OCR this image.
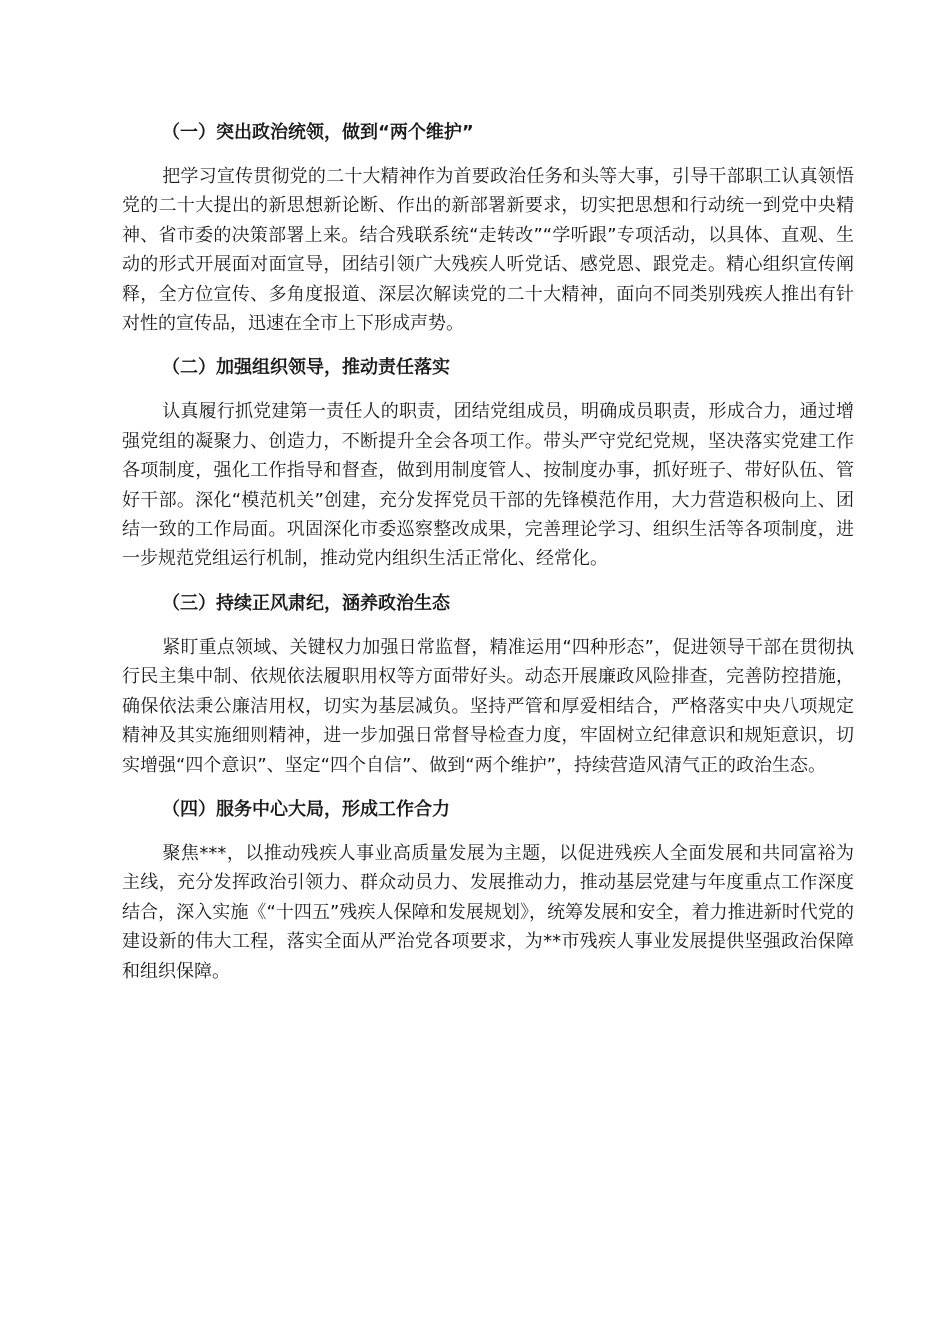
（一）突出政治统领，做到“两个维护”
把学习宣传贯彻党的二十大精神作为首要政治任务和头等大事，引导干部职工认真领悟党的二十大提出的新思想新论断、作出的新部署新要求，切实把思想和行动统一到党中央精神、省市委的决策部署上来。结合残联系统“走转改”“学听跟”专项活动，以具体、直观、生动的形式开展面对面宣导，团结引领广大残疾人听党话、感党恩、跟党走。精心组织宣传阐释，全方位宣传、多角度报道、深层次解读党的二十大精神，面向不同类别残疾人推出有针对性的宣传品，迅速在全市上下形成声势。
（二）加强组织领导，推动责任落实
认真履行抓党建第一责任人的职责，团结党组成员，明确成员职责，形成合力，通过增强党组的凝聚力、创造力，不断提升全会各项工作。带头严守党纪党规，坚决落实党建工作各项制度，强化工作指导和督查，做到用制度管人、按制度办事，抓好班子、带好队伍、管好干部。深化“模范机关”创建，充分发挥党员干部的先锋模范作用，大力营造积极向上、团结一致的工作局面。巩固深化市委巡察整改成果，完善理论学习、组织生活等各项制度，进一步规范党组运行机制，推动党内组织生活正常化、经常化。
（三）持续正风肃纪，涵养政治生态
紧盯重点领域、关键权力加强日常监督，精准运用“四种形态”，促进领导干部在贯彻执行民主集中制、依规依法履职用权等方面带好头。动态开展廉政风险排查，完善防控措施，确保依法秉公廉洁用权，切实为基层减负。坚持严管和厚爱相结合，严格落实中央八项规定精神及其实施细则精神，进一步加强日常督导检查力度，牢固树立纪律意识和规矩意识，切实增强“四个意识”、坚定“四个自信”、做到“两个维护”，持续营造风清气正的政治生态。
（四）服务中心大局，形成工作合力
聚焦***，以推动残疾人事业高质量发展为主题，以促进残疾人全面发展和共同富裕为主线，充分发挥政治引领力、群众动员力、发展推动力，推动基层党建与年度重点工作深度结合，深入实施《“十四五”残疾人保障和发展规划》，统筹发展和安全，着力推进新时代党的建设新的伟大工程，落实全面从严治党各项要求，为**市残疾人事业发展提供坚强政治保障和组织保障。
